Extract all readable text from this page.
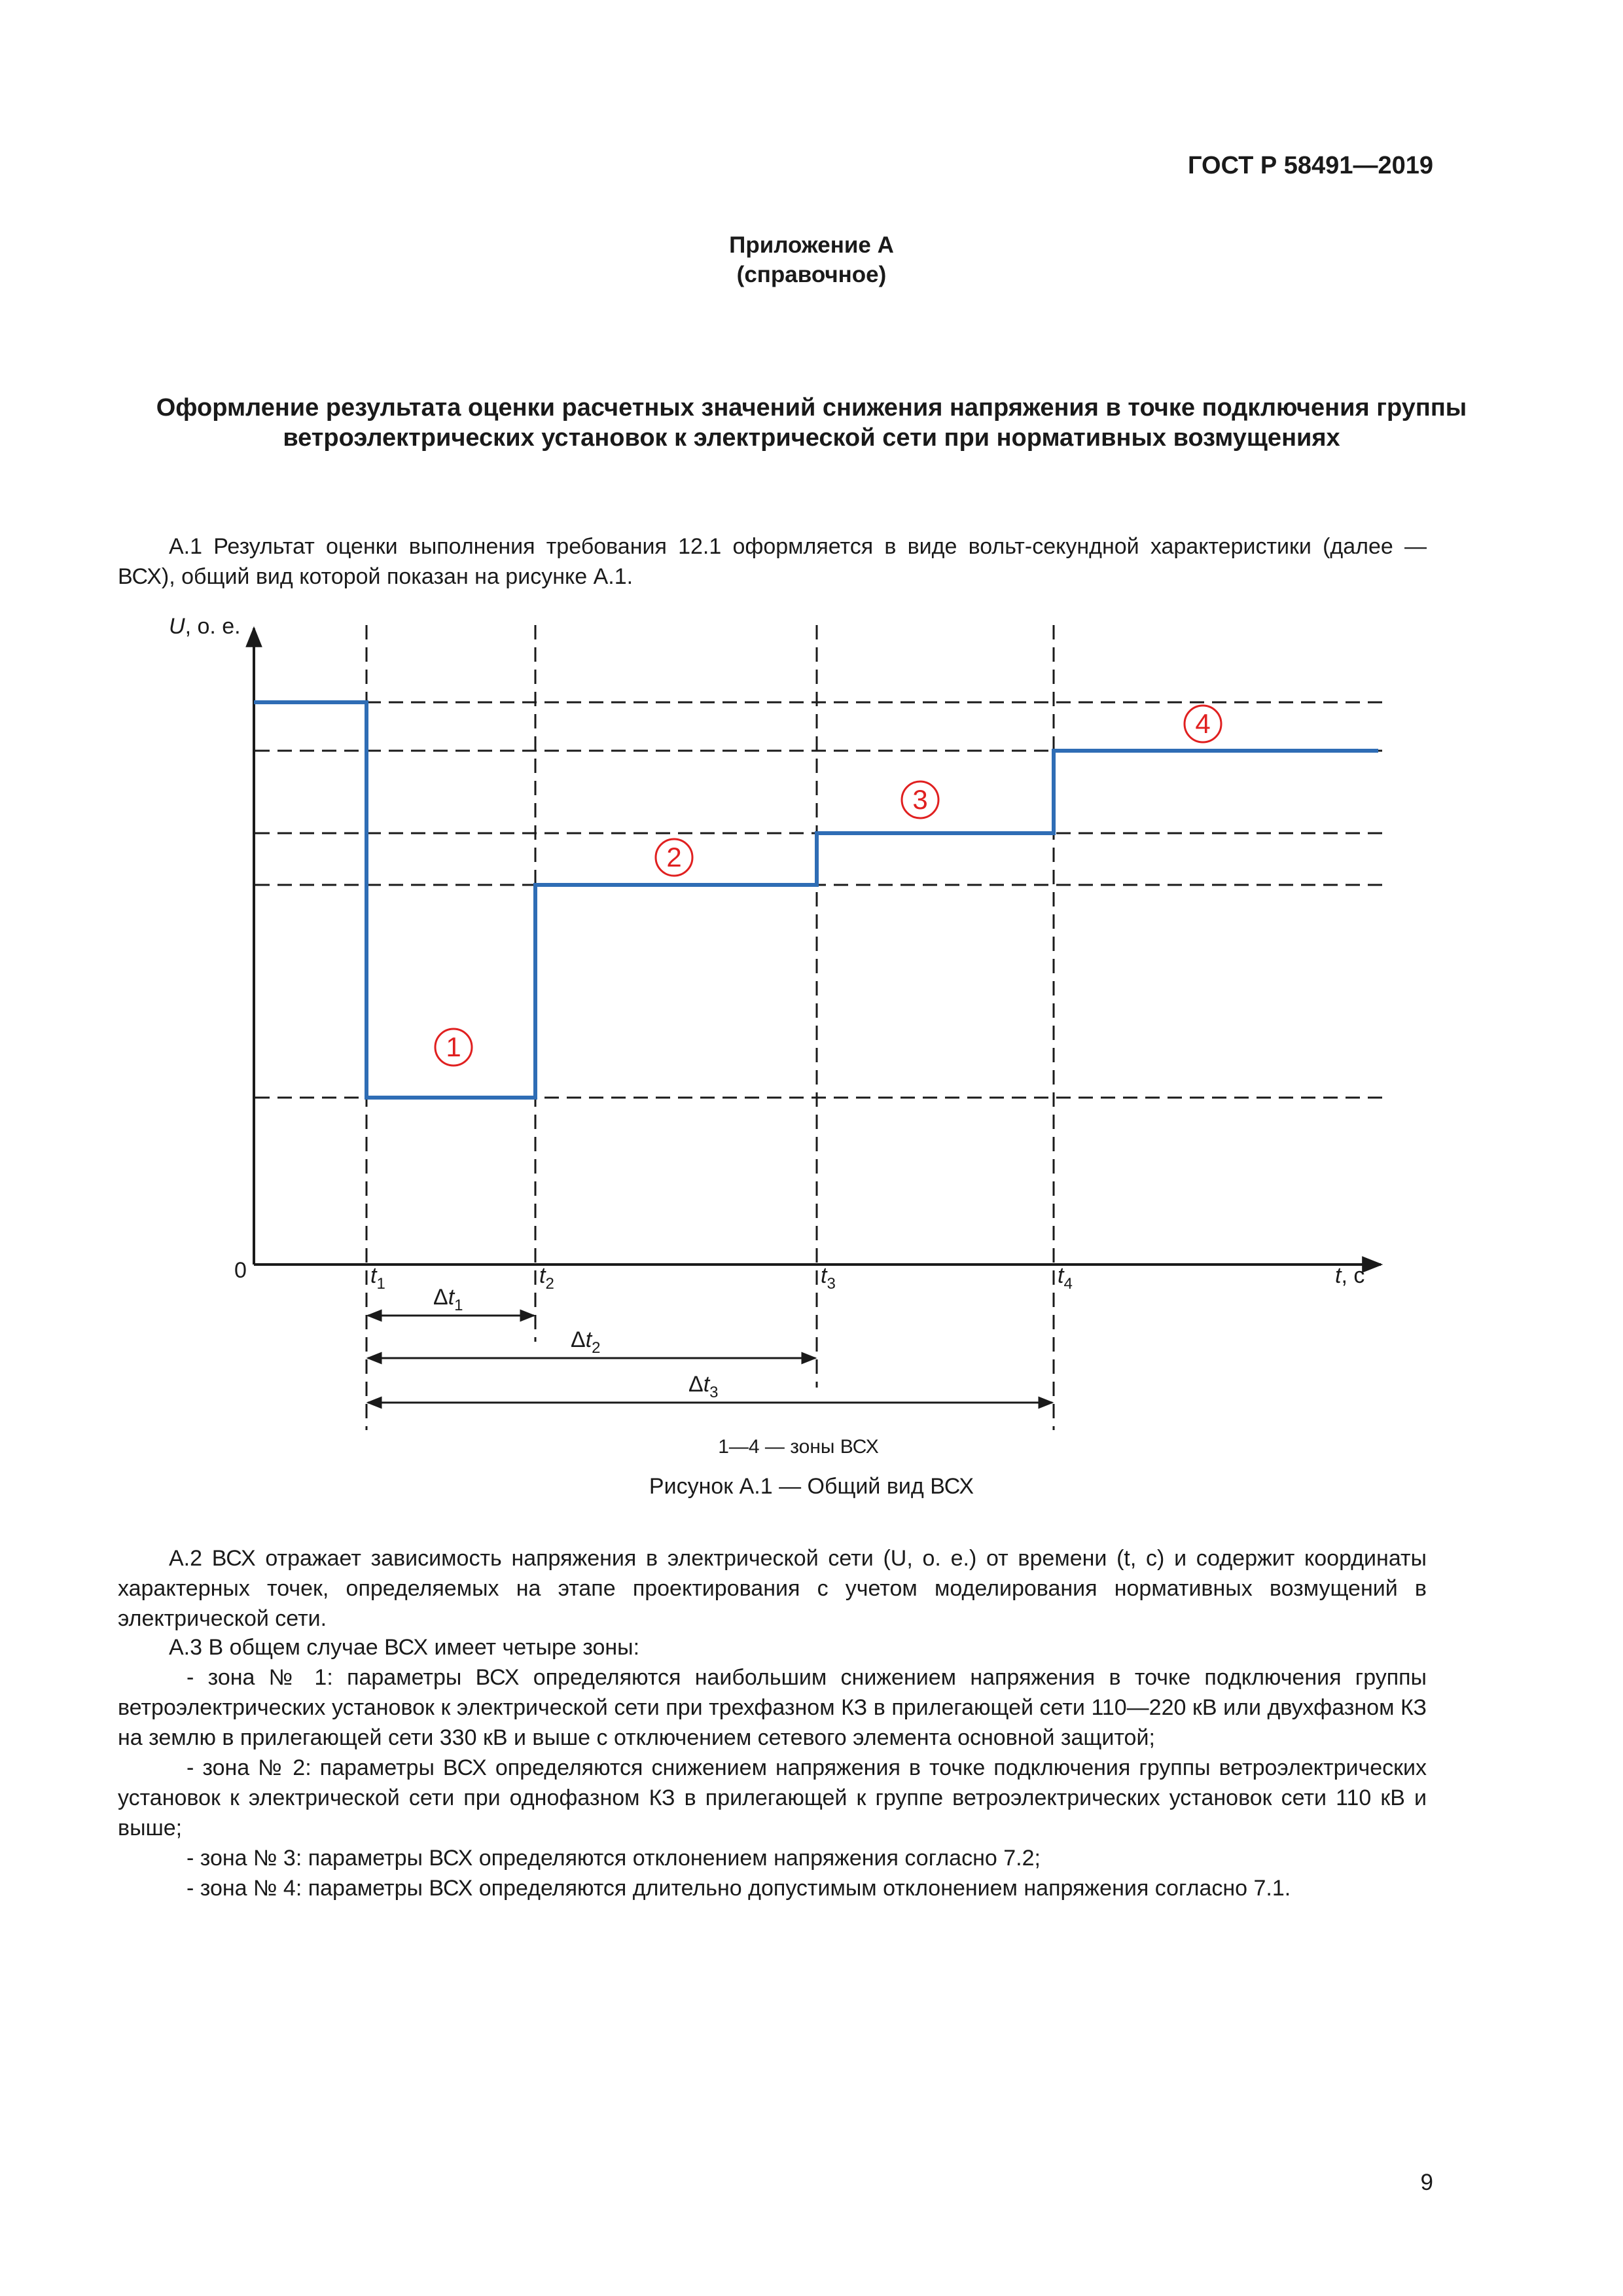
ГОСТ Р 58491—2019
Приложение А
(справочное)
Оформление результата оценки расчетных значений снижения напряжения в точке подключения группы ветроэлектрических установок к электрической сети при нормативных возмущениях
А.1 Результат оценки выполнения требования 12.1 оформляется в виде вольт-секундной характеристики (далее — ВСХ), общий вид которой показан на рисунке А.1.
1
2
3
4
U, о. е.
0	t, с
$t_1$	$t_2$	$t_3$	$t_4$
$\Delta t_1$
$\Delta t_2$
$\Delta t_3$
1—4 — зоны ВСХ
Рисунок А.1 — Общий вид ВСХ
А.2 ВСХ отражает зависимость напряжения в электрической сети (U, о. е.) от времени (t, с) и содержит координаты характерных точек, определяемых на этапе проектирования с учетом моделирования нормативных возмущений в электрической сети.
А.3 В общем случае ВСХ имеет четыре зоны:
- зона № 1: параметры ВСХ определяются наибольшим снижением напряжения в точке подключения группы ветроэлектрических установок к электрической сети при трехфазном КЗ в прилегающей сети 110—220 кВ или двухфазном КЗ на землю в прилегающей сети 330 кВ и выше с отключением сетевого элемента основной защитой;
- зона № 2: параметры ВСХ определяются снижением напряжения в точке подключения группы ветроэлектрических установок к электрической сети при однофазном КЗ в прилегающей к группе ветроэлектрических установок сети 110 кВ и выше;
- зона № 3: параметры ВСХ определяются отклонением напряжения согласно 7.2;
- зона № 4: параметры ВСХ определяются длительно допустимым отклонением напряжения согласно 7.1.
9
